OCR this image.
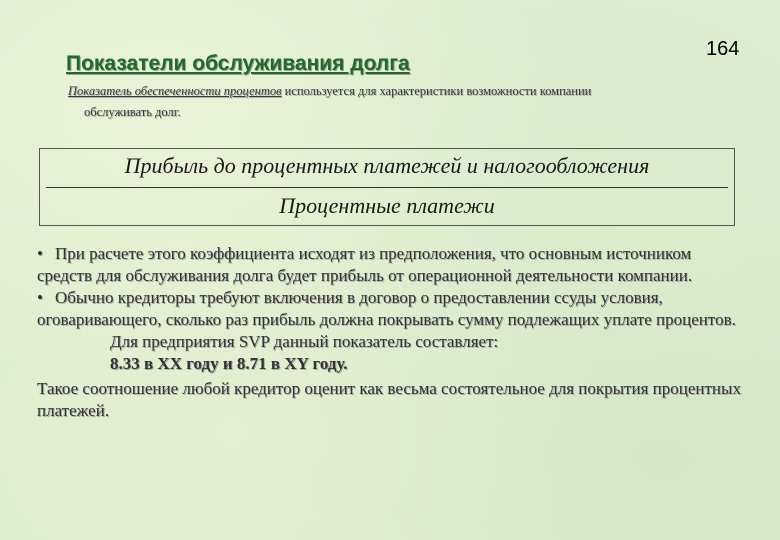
164
Показатели обслуживания долга
Показатель обеспеченности процентов используется для характеристики возможности компании
обслуживать долг.
Прибыль до процентных платежей и налогообложения
Процентные платежи

• При расчете этого коэффициента исходят из предположения, что основным источником средств для обслуживания долга будет прибыль от операционной деятельности компании.

• Обычно кредиторы требуют включения в договор о предоставлении ссуды условия, оговаривающего, сколько раз прибыль должна покрывать сумму подлежащих уплате процентов.

Для предприятия SVP данный показатель составляет:

8.33 в XX году и 8.71 в XY году.

Такое соотношение любой кредитор оценит как весьма состоятельное для покрытия процентных платежей.
